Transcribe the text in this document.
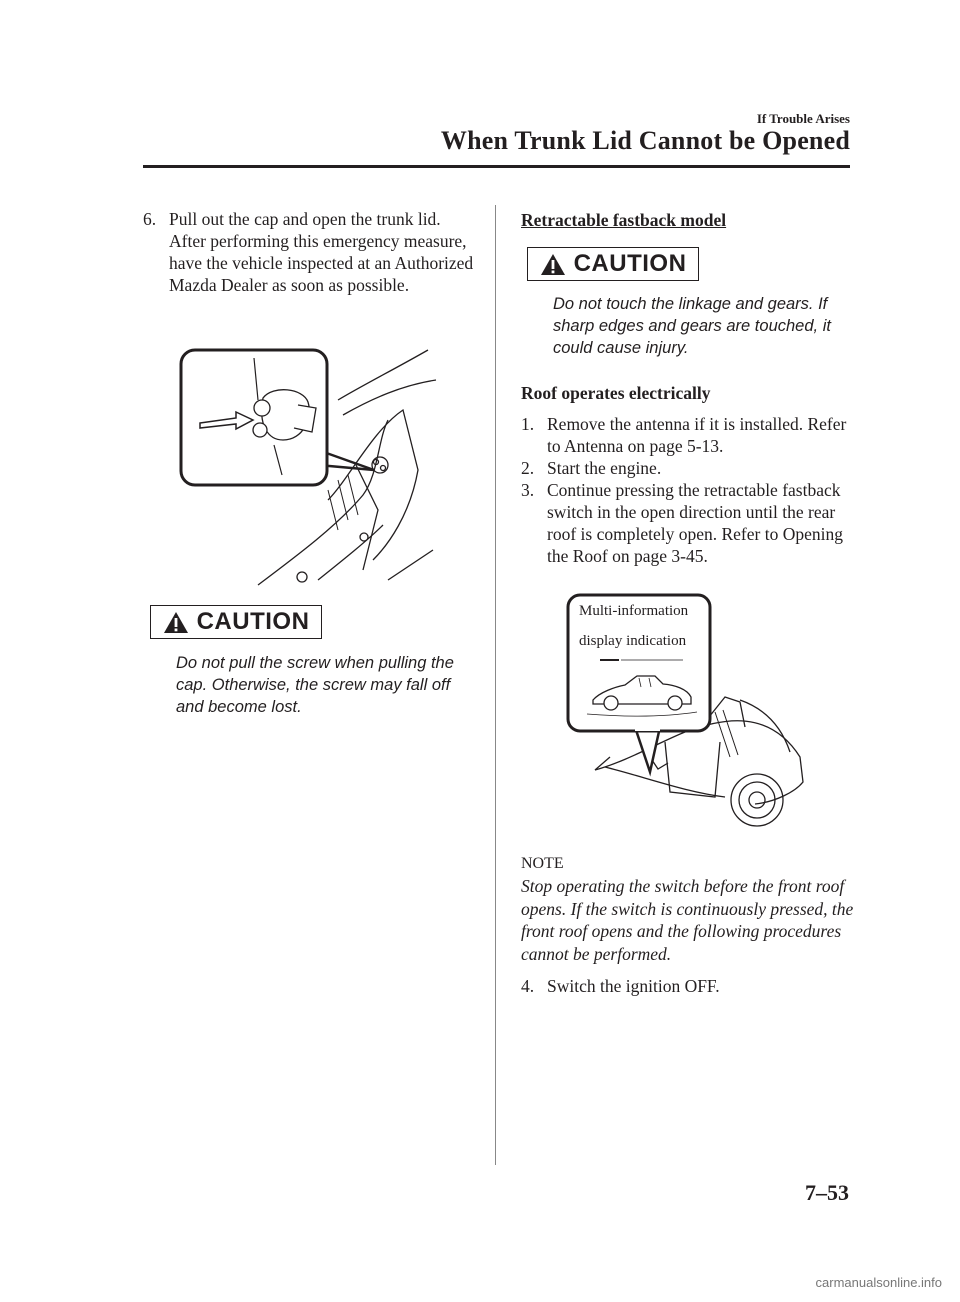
If Trouble Arises
When Trunk Lid Cannot be Opened
6. Pull out the cap and open the trunk lid. After performing this emergency measure, have the vehicle inspected at an Authorized Mazda Dealer as soon as possible.
CAUTION
Do not pull the screw when pulling the cap. Otherwise, the screw may fall off and become lost.
Retractable fastback model
CAUTION
Do not touch the linkage and gears. If sharp edges and gears are touched, it could cause injury.
Roof operates electrically
1. Remove the antenna if it is installed. Refer to Antenna on page 5-13.
2. Start the engine.
3. Continue pressing the retractable fastback switch in the open direction until the rear roof is completely open. Refer to Opening the Roof on page 3-45.
Multi-information
display indication
NOTE
Stop operating the switch before the front roof opens. If the switch is continuously pressed, the front roof opens and the following procedures cannot be performed.
4. Switch the ignition OFF.
7–53
carmanualsonline.info
